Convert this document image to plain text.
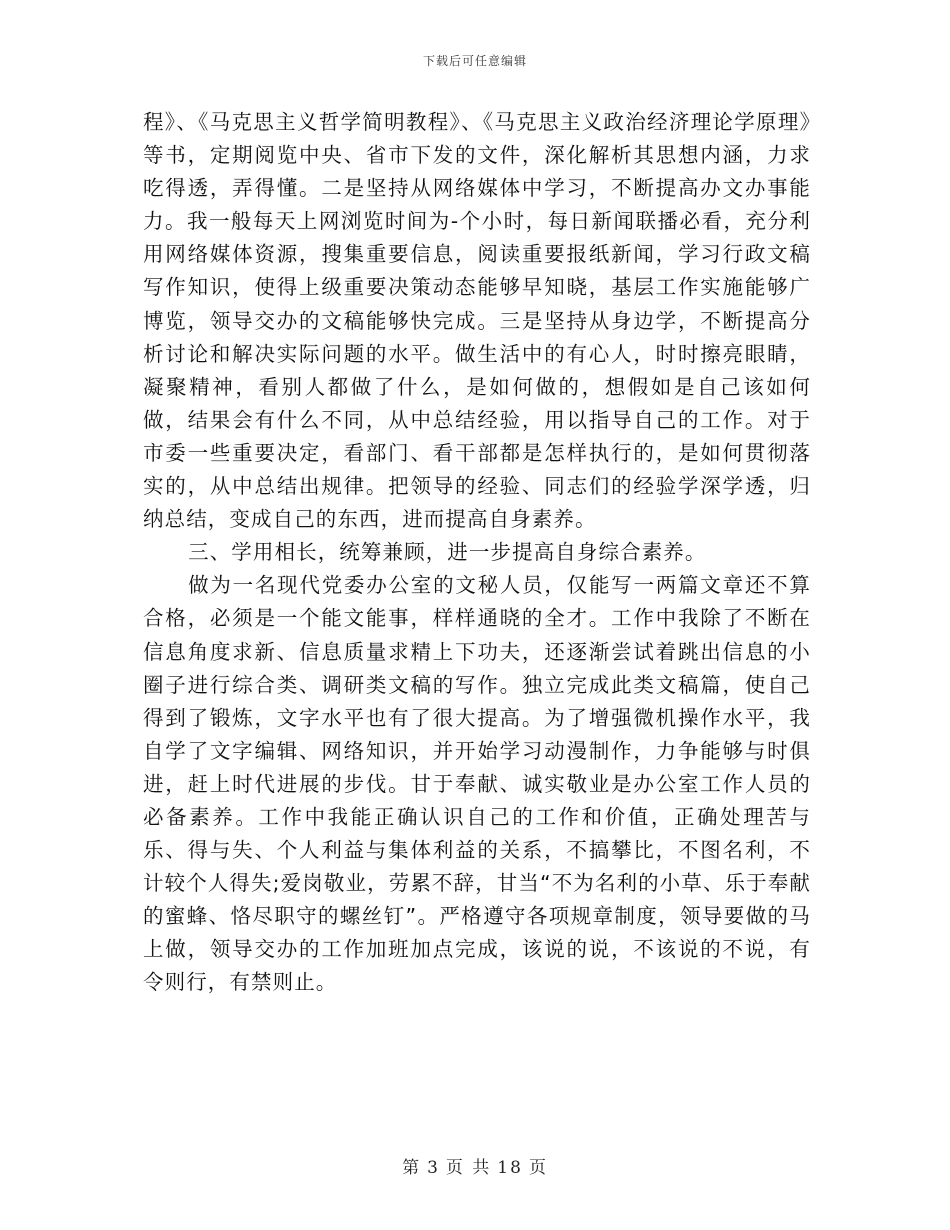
下载后可任意编辑

程》、《马克思主义哲学简明教程》、《马克思主义政治经济理论学原理》等书，定期阅览中央、省市下发的文件，深化解析其思想内涵，力求吃得透，弄得懂。二是坚持从网络媒体中学习，不断提高办文办事能力。我一般每天上网浏览时间为-个小时，每日新闻联播必看，充分利用网络媒体资源，搜集重要信息，阅读重要报纸新闻，学习行政文稿写作知识，使得上级重要决策动态能够早知晓，基层工作实施能够广博览，领导交办的文稿能够快完成。三是坚持从身边学，不断提高分析讨论和解决实际问题的水平。做生活中的有心人，时时擦亮眼睛，凝聚精神，看别人都做了什么，是如何做的，想假如是自己该如何做，结果会有什么不同，从中总结经验，用以指导自己的工作。对于市委一些重要决定，看部门、看干部都是怎样执行的，是如何贯彻落实的，从中总结出规律。把领导的经验、同志们的经验学深学透，归纳总结，变成自己的东西，进而提高自身素养。

三、学用相长，统筹兼顾，进一步提高自身综合素养。

做为一名现代党委办公室的文秘人员，仅能写一两篇文章还不算合格，必须是一个能文能事，样样通晓的全才。工作中我除了不断在信息角度求新、信息质量求精上下功夫，还逐渐尝试着跳出信息的小圈子进行综合类、调研类文稿的写作。独立完成此类文稿篇，使自己得到了锻炼，文字水平也有了很大提高。为了增强微机操作水平，我自学了文字编辑、网络知识，并开始学习动漫制作，力争能够与时俱进，赶上时代进展的步伐。甘于奉献、诚实敬业是办公室工作人员的必备素养。工作中我能正确认识自己的工作和价值，正确处理苦与乐、得与失、个人利益与集体利益的关系，不搞攀比，不图名利，不计较个人得失;爱岗敬业，劳累不辞，甘当“不为名利的小草、乐于奉献的蜜蜂、恪尽职守的螺丝钉”。严格遵守各项规章制度，领导要做的马上做，领导交办的工作加班加点完成，该说的说，不该说的不说，有令则行，有禁则止。

第 3 页 共 18 页
